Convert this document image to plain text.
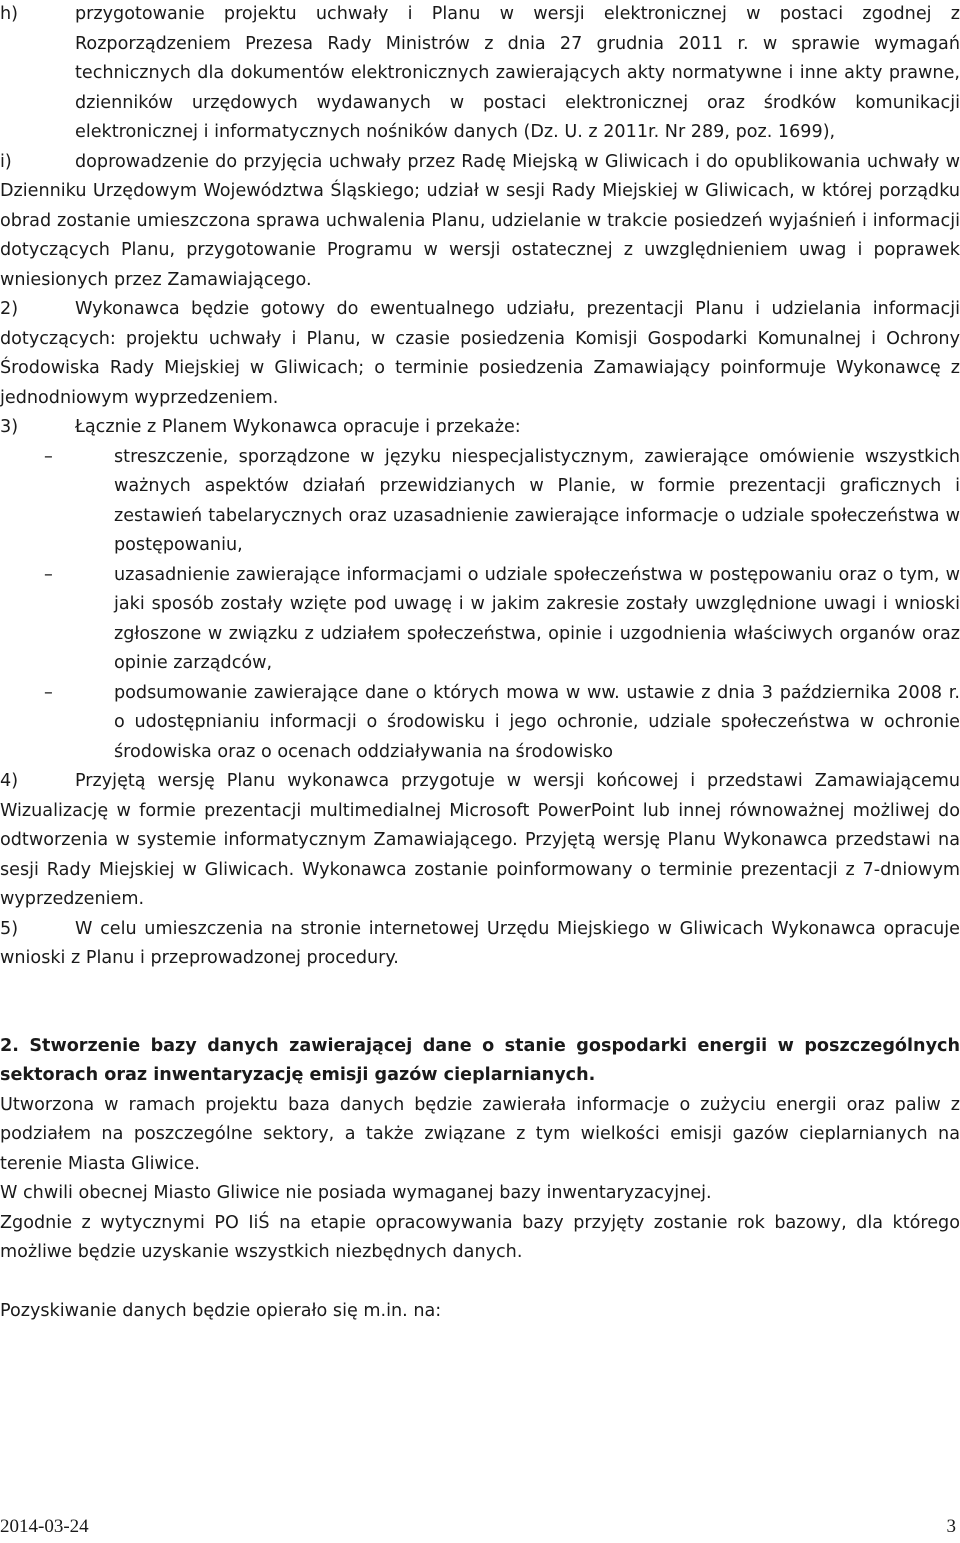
h)	przygotowanie projektu uchwały i Planu w wersji elektronicznej w postaci zgodnej z Rozporządzeniem Prezesa Rady Ministrów z dnia 27 grudnia 2011 r. w sprawie wymagań technicznych dla dokumentów elektronicznych zawierających akty normatywne i inne akty prawne, dzienników urzędowych wydawanych w postaci elektronicznej oraz środków komunikacji elektronicznej i informatycznych nośników danych (Dz. U. z 2011r. Nr 289, poz. 1699),

i)	doprowadzenie do przyjęcia uchwały przez Radę Miejską w Gliwicach i do opublikowania uchwały w Dzienniku Urzędowym Województwa Śląskiego; udział w sesji Rady Miejskiej w Gliwicach, w której porządku obrad zostanie umieszczona sprawa uchwalenia Planu, udzielanie w trakcie posiedzeń wyjaśnień i informacji dotyczących Planu, przygotowanie Programu w wersji ostatecznej z uwzględnieniem uwag i poprawek wniesionych przez Zamawiającego.

2)	Wykonawca będzie gotowy do ewentualnego udziału, prezentacji Planu i udzielania informacji dotyczących: projektu uchwały i Planu, w czasie posiedzenia Komisji Gospodarki Komunalnej i Ochrony Środowiska Rady Miejskiej w Gliwicach; o terminie posiedzenia Zamawiający poinformuje Wykonawcę z jednodniowym wyprzedzeniem.

3)	Łącznie z Planem Wykonawca opracuje i przekaże:

–	streszczenie, sporządzone w języku niespecjalistycznym, zawierające omówienie wszystkich ważnych aspektów działań przewidzianych w Planie, w formie prezentacji graficznych i zestawień tabelarycznych oraz uzasadnienie zawierające informacje o udziale społeczeństwa w postępowaniu,

–	uzasadnienie zawierające informacjami o udziale społeczeństwa w postępowaniu oraz o tym, w jaki sposób zostały wzięte pod uwagę i w jakim zakresie zostały uwzględnione uwagi i wnioski zgłoszone w związku z udziałem społeczeństwa, opinie i uzgodnienia właściwych organów oraz opinie zarządców,

–	podsumowanie zawierające dane o których mowa w ww. ustawie z dnia 3 października 2008 r. o udostępnianiu informacji o środowisku i jego ochronie, udziale społeczeństwa w ochronie środowiska oraz o ocenach oddziaływania na środowisko

4)	Przyjętą wersję Planu wykonawca przygotuje w wersji końcowej i przedstawi Zamawiającemu Wizualizację w formie prezentacji multimedialnej Microsoft PowerPoint lub innej równoważnej możliwej do odtworzenia w systemie informatycznym Zamawiającego. Przyjętą wersję Planu Wykonawca przedstawi na sesji Rady Miejskiej w Gliwicach. Wykonawca zostanie poinformowany o terminie prezentacji z 7-dniowym wyprzedzeniem.

5)	W celu umieszczenia na stronie internetowej Urzędu Miejskiego w Gliwicach Wykonawca opracuje wnioski z Planu i przeprowadzonej procedury.

2. Stworzenie bazy danych zawierającej dane o stanie gospodarki energii w poszczególnych sektorach oraz inwentaryzację emisji gazów cieplarnianych.

Utworzona w ramach projektu baza danych będzie zawierała informacje o zużyciu energii oraz paliw z podziałem na poszczególne sektory, a także związane z tym wielkości emisji gazów cieplarnianych na terenie Miasta Gliwice.

W chwili obecnej Miasto Gliwice nie posiada wymaganej bazy inwentaryzacyjnej.

Zgodnie z wytycznymi PO IiŚ na etapie opracowywania bazy przyjęty zostanie rok bazowy, dla którego możliwe będzie uzyskanie wszystkich niezbędnych danych.

Pozyskiwanie danych będzie opierało się m.in. na:

2014-03-24	3
